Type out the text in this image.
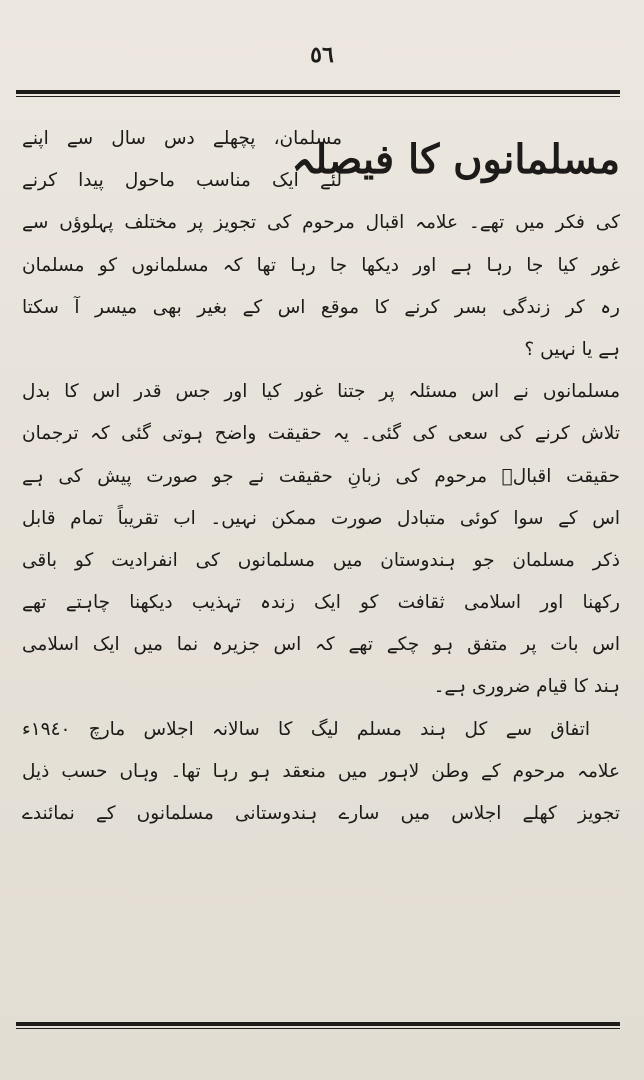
٥٦
مسلمانوں کا فیصلہ
مسلمان، پچھلے دس سال سے اپنے
لئے ایک مناسب ماحول پیدا کرنے
کی فکر میں تھے۔ علامہ اقبال مرحوم کی تجویز پر مختلف پہلوؤں سے
غور کیا جا رہا ہے اور دیکھا جا رہا تھا کہ مسلمانوں کو مسلمان
رہ کر زندگی بسر کرنے کا موقع اس کے بغیر بھی میسر آ سکتا
ہے یا نہیں ؟
مسلمانوں نے اس مسئلہ پر جتنا غور کیا اور جس قدر اس کا بدل
تلاش کرنے کی سعی کی گئی۔ یہ حقیقت واضح ہوتی گئی کہ ترجمان
حقیقت اقبالؒ مرحوم کی زبانِ حقیقت نے جو صورت پیش کی ہے
اس کے سوا کوئی متبادل صورت ممکن نہیں۔ اب تقریباً تمام قابل
ذکر مسلمان جو ہندوستان میں مسلمانوں کی انفرادیت کو باقی
رکھنا اور اسلامی ثقافت کو ایک زندہ تہذیب دیکھنا چاہتے تھے
اس بات پر متفق ہو چکے تھے کہ اس جزیرہ نما میں ایک اسلامی
ہند کا قیام ضروری ہے۔
اتفاق سے کل ہند مسلم لیگ کا سالانہ اجلاس مارچ ١٩٤٠ء
علامہ مرحوم کے وطن لاہور میں منعقد ہو رہا تھا۔ وہاں حسب ذیل
تجویز کھلے اجلاس میں سارے ہندوستانی مسلمانوں کے نمائندے
